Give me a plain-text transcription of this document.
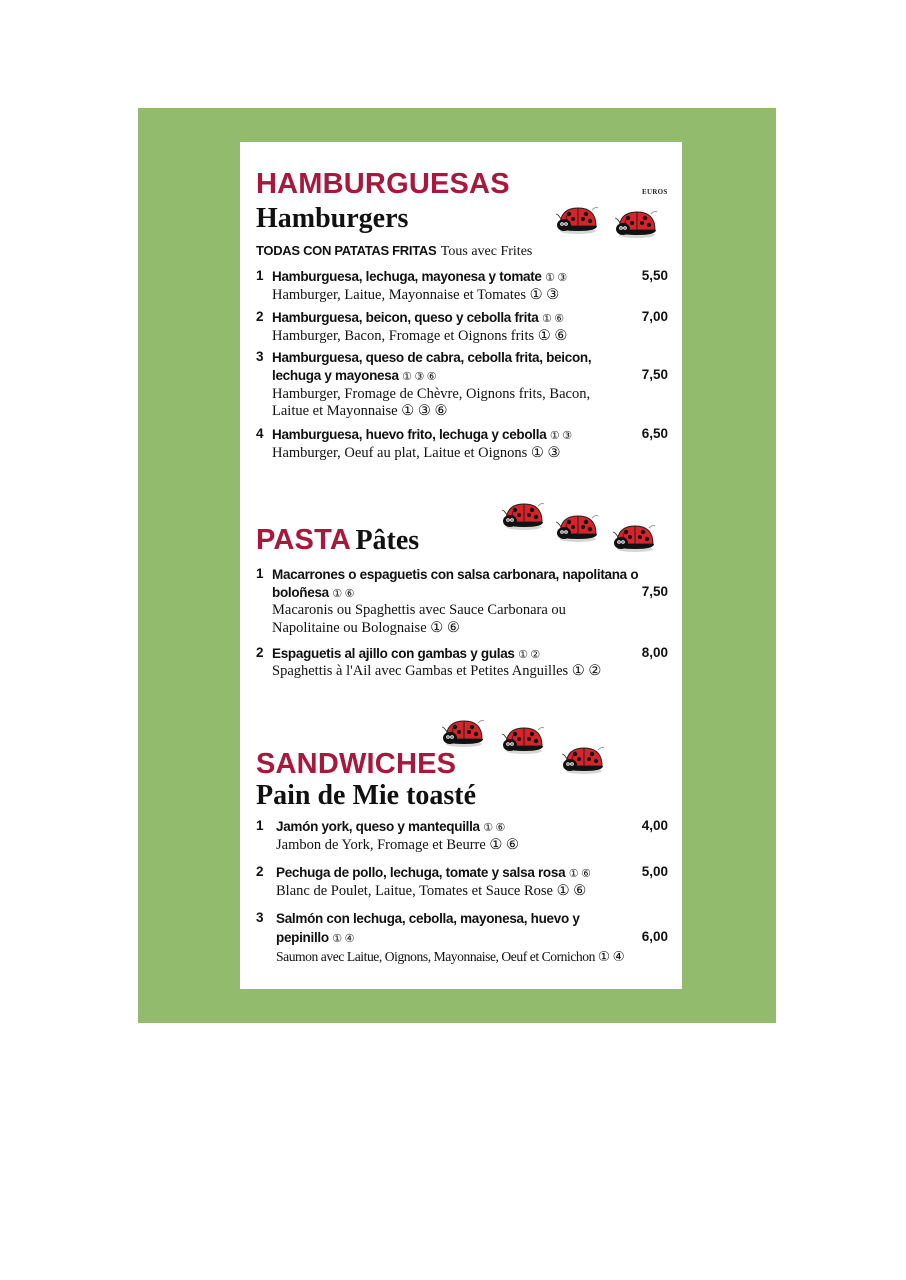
HAMBURGUESAS	EUROS
Hamburgers
TODAS CON PATATAS FRITAS Tous avec Frites
1 Hamburguesa, lechuga, mayonesa y tomate ① ③
Hamburger, Laitue, Mayonnaise et Tomates ① ③
5,50
2 Hamburguesa, beicon, queso y cebolla frita ① ⑥
Hamburger, Bacon, Fromage et Oignons frits ① ⑥
7,00
3 Hamburguesa, queso de cabra, cebolla frita, beicon,
lechuga y mayonesa ① ③ ⑥
Hamburger, Fromage de Chèvre, Oignons frits, Bacon,
Laitue et Mayonnaise ① ③ ⑥
7,50
4 Hamburguesa, huevo frito, lechuga y cebolla ① ③
Hamburger, Oeuf au plat, Laitue et Oignons ① ③
6,50
PASTA Pâtes
1 Macarrones o espaguetis con salsa carbonara, napolitana o
boloñesa ① ⑥
Macaronis ou Spaghettis avec Sauce Carbonara ou
Napolitaine ou Bolognaise ① ⑥
7,50
2 Espaguetis al ajillo con gambas y gulas ① ②
Spaghettis à l'Ail avec Gambas et Petites Anguilles ① ②
8,00
SANDWICHES
Pain de Mie toasté
1 Jamón york, queso y mantequilla ① ⑥
Jambon de York, Fromage et Beurre ① ⑥
4,00
2 Pechuga de pollo, lechuga, tomate y salsa rosa ① ⑥
Blanc de Poulet, Laitue, Tomates et Sauce Rose ① ⑥
5,00
3 Salmón con lechuga, cebolla, mayonesa, huevo y
pepinillo ① ④
Saumon avec Laitue, Oignons, Mayonnaise, Oeuf et Cornichon ① ④
6,00
